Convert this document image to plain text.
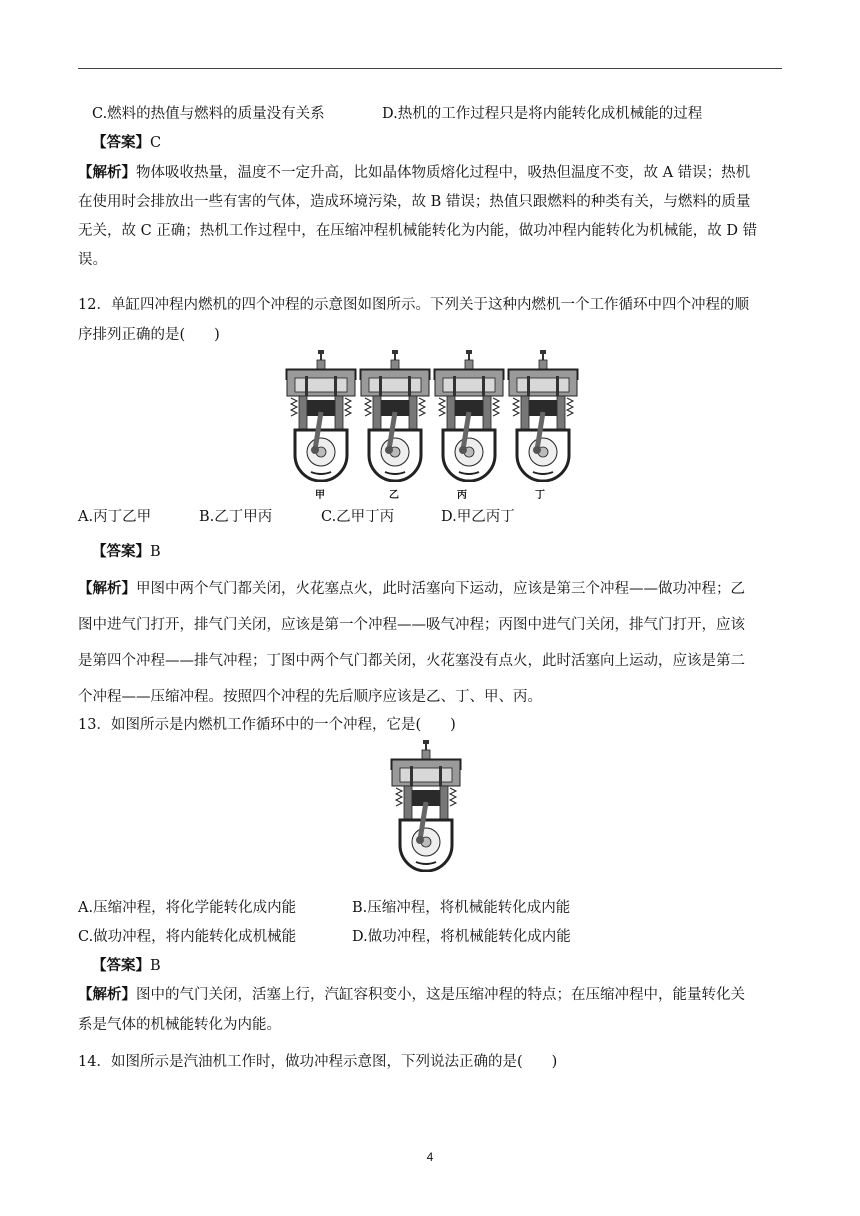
C.燃料的热值与燃料的质量没有关系	D.热机的工作过程只是将内能转化成机械能的过程
【答案】C
【解析】物体吸收热量，温度不一定升高，比如晶体物质熔化过程中，吸热但温度不变，故 A 错误；热机
在使用时会排放出一些有害的气体，造成环境污染，故 B 错误；热值只跟燃料的种类有关，与燃料的质量
无关，故 C 正确；热机工作过程中，在压缩冲程机械能转化为内能，做功冲程内能转化为机械能，故 D 错
误。
12．单缸四冲程内燃机的四个冲程的示意图如图所示。下列关于这种内燃机一个工作循环中四个冲程的顺
序排列正确的是(　　)
甲	乙	丙	丁
A.丙丁乙甲	B.乙丁甲丙	C.乙甲丁丙	D.甲乙丙丁
【答案】B
【解析】甲图中两个气门都关闭，火花塞点火，此时活塞向下运动，应该是第三个冲程——做功冲程；乙
图中进气门打开，排气门关闭，应该是第一个冲程——吸气冲程；丙图中进气门关闭，排气门打开，应该
是第四个冲程——排气冲程；丁图中两个气门都关闭，火花塞没有点火，此时活塞向上运动，应该是第二
个冲程——压缩冲程。按照四个冲程的先后顺序应该是乙、丁、甲、丙。
13．如图所示是内燃机工作循环中的一个冲程，它是(　　)
A.压缩冲程，将化学能转化成内能	B.压缩冲程，将机械能转化成内能
C.做功冲程，将内能转化成机械能	D.做功冲程，将机械能转化成内能
【答案】B
【解析】图中的气门关闭，活塞上行，汽缸容积变小，这是压缩冲程的特点；在压缩冲程中，能量转化关
系是气体的机械能转化为内能。
14．如图所示是汽油机工作时，做功冲程示意图，下列说法正确的是(　　)
4
